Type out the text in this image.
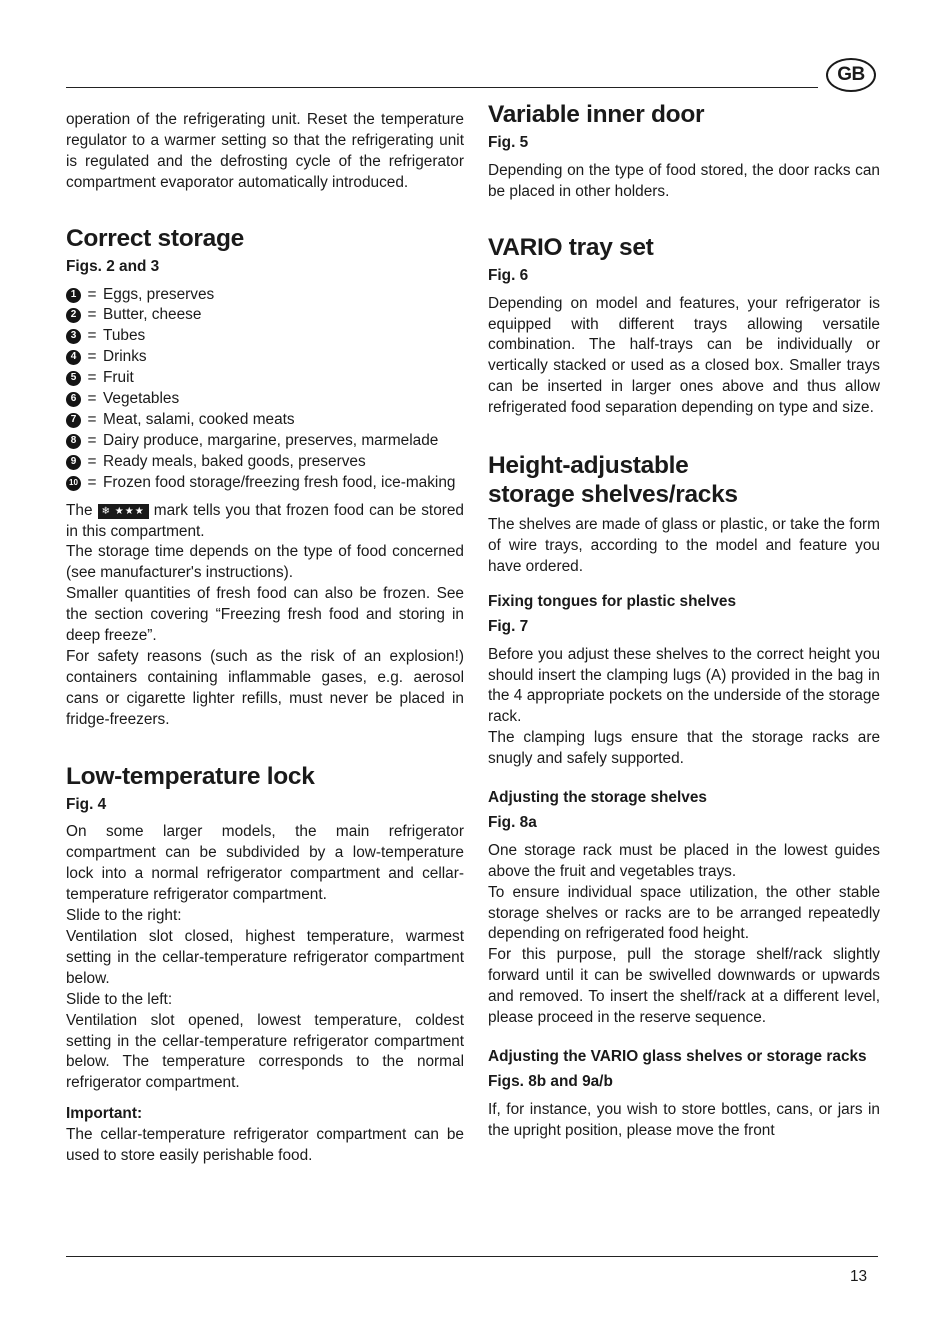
GB

operation of the refrigerating unit. Reset the temperature regulator to a warmer setting so that the refrigerating unit is regulated and the defrosting cycle of the refrigerator compartment evaporator automatically introduced.

Correct storage
Figs. 2 and 3
1 = Eggs, preserves
2 = Butter, cheese
3 = Tubes
4 = Drinks
5 = Fruit
6 = Vegetables
7 = Meat, salami, cooked meats
8 = Dairy produce, margarine, preserves, marmelade
9 = Ready meals, baked goods, preserves
10 = Frozen food storage/freezing fresh food, ice-making

The ❄ ★★★ mark tells you that frozen food can be stored in this compartment.

The storage time depends on the type of food concerned (see manufacturer's instructions).

Smaller quantities of fresh food can also be frozen. See the section covering “Freezing fresh food and storing in deep freeze”.

For safety reasons (such as the risk of an explosion!) containers containing inflammable gases, e.g. aerosol cans or cigarette lighter refills, must never be placed in fridge-freezers.

Low-temperature lock
Fig. 4

On some larger models, the main refrigerator compartment can be subdivided by a low-temperature lock into a normal refrigerator compartment and cellar-temperature refrigerator compartment.

Slide to the right:

Ventilation slot closed, highest temperature, warmest setting in the cellar-temperature refrigerator compartment below.

Slide to the left:

Ventilation slot opened, lowest temperature, coldest setting in the cellar-temperature refrigerator compartment below. The temperature corresponds to the normal refrigerator compartment.

Important:

The cellar-temperature refrigerator compartment can be used to store easily perishable food.

Variable inner door
Fig. 5

Depending on the type of food stored, the door racks can be placed in other holders.

VARIO tray set
Fig. 6

Depending on model and features, your refrigerator is equipped with different trays allowing versatile combination. The half-trays can be individually or vertically stacked or used as a closed box. Smaller trays can be inserted in larger ones above and thus allow refrigerated food separation depending on type and size.

Height-adjustable
storage shelves/racks

The shelves are made of glass or plastic, or take the form of wire trays, according to the model and feature you have ordered.

Fixing tongues for plastic shelves
Fig. 7

Before you adjust these shelves to the correct height you should insert the clamping lugs (A) provided in the bag in the 4 appropriate pockets on the underside of the storage rack.

The clamping lugs ensure that the storage racks are snugly and safely supported.

Adjusting the storage shelves
Fig. 8a

One storage rack must be placed in the lowest guides above the fruit and vegetables trays.

To ensure individual space utilization, the other stable storage shelves or racks are to be arranged repeatedly depending on refrigerated food height.

For this purpose, pull the storage shelf/rack slightly forward until it can be swivelled downwards or upwards and removed. To insert the shelf/rack at a different level, please proceed in the reserve sequence.

Adjusting the VARIO glass shelves or storage racks
Figs. 8b and 9a/b

If, for instance, you wish to store bottles, cans, or jars in the upright position, please move the front

13
